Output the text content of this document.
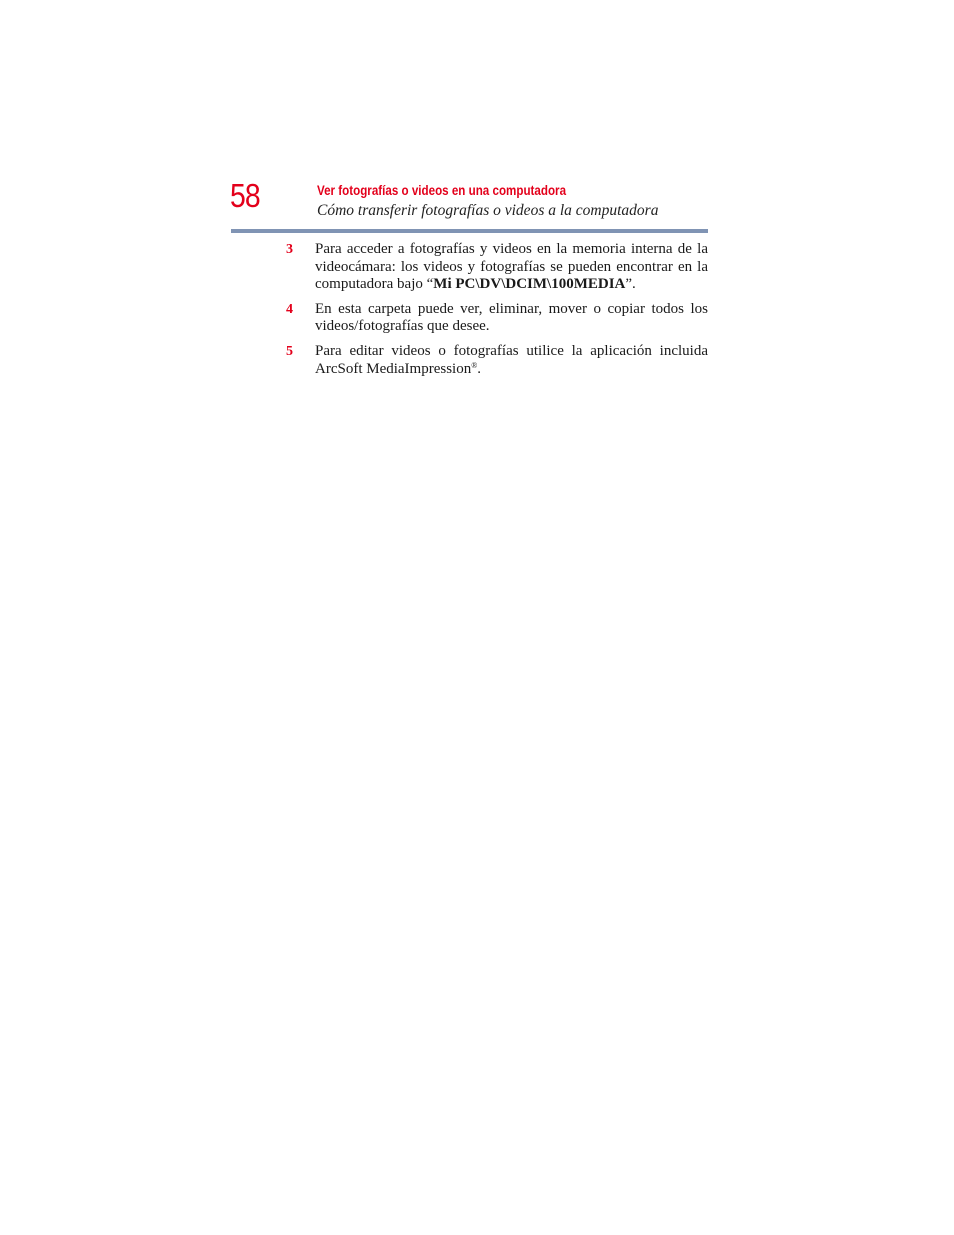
58	Ver fotografías o videos en una computadora
Cómo transferir fotografías o videos a la computadora
3 Para acceder a fotografías y videos en la memoria interna de la videocámara: los videos y fotografías se pueden encontrar en la computadora bajo “Mi PC\DV\DCIM\100MEDIA”.
4 En esta carpeta puede ver, eliminar, mover o copiar todos los videos/fotografías que desee.
5 Para editar videos o fotografías utilice la aplicación incluida ArcSoft MediaImpression®.
